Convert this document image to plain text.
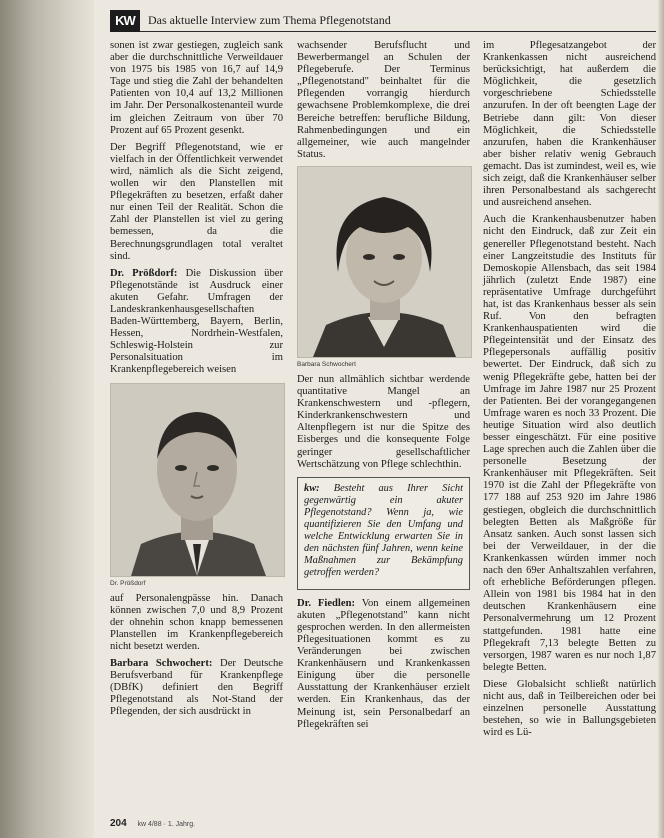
KW	Das aktuelle Interview zum Thema Pflegenotstand

sonen ist zwar gestiegen, zugleich sank aber die durchschnittliche Verweildauer von 1975 bis 1985 von 16,7 auf 14,9 Tage und stieg die Zahl der behandelten Patienten von 10,4 auf 13,2 Millionen im Jahr. Der Personalkostenanteil wurde im gleichen Zeitraum von über 70 Prozent auf 65 Prozent gesenkt.

Der Begriff Pflegenotstand, wie er vielfach in der Öffentlichkeit verwendet wird, nämlich als die Sicht zeigend, wollen wir den Planstellen mit Pflegekräften zu besetzen, erfaßt daher nur einen Teil der Realität. Schon die Zahl der Planstellen ist viel zu gering bemessen, da die Berechnungsgrundlagen total veraltet sind.

Dr. Prößdorf: Die Diskussion über Pflegenotstände ist Ausdruck einer akuten Gefahr. Umfragen der Landeskrankenhausgesellschaften Baden-Württemberg, Bayern, Berlin, Hessen, Nordrhein-Westfalen, Schleswig-Holstein zur Personalsituation im Krankenpflegebereich weisen

Dr. Prößdorf

auf Personalengpässe hin. Danach können zwischen 7,0 und 8,9 Prozent der ohnehin schon knapp bemessenen Planstellen im Krankenpflegebereich nicht besetzt werden.

Barbara Schwochert: Der Deutsche Berufsverband für Krankenpflege (DBfK) definiert den Begriff Pflegenotstand als Not-Stand der Pflegenden, der sich ausdrückt in

wachsender Berufsflucht und Bewerbermangel an Schulen der Pflegeberufe. Der Terminus „Pflegenotstand" beinhaltet für die Pflegenden vorrangig hierdurch gewachsene Problemkomplexe, die drei Bereiche betreffen: berufliche Bildung, Rahmenbedingungen und ein allgemeiner, wie auch mangelnder Status.

Barbara Schwochert

Der nun allmählich sichtbar werdende quantitative Mangel an Krankenschwestern und -pflegern, Kinderkrankenschwestern und Altenpflegern ist nur die Spitze des Eisberges und die konsequente Folge geringer gesellschaftlicher Wertschätzung von Pflege schlechthin.

kw: Besteht aus Ihrer Sicht gegenwärtig ein akuter Pflegenotstand? Wenn ja, wie quantifizieren Sie den Umfang und welche Entwicklung erwarten Sie in den nächsten fünf Jahren, wenn keine Maßnahmen zur Bekämpfung getroffen werden?

Dr. Fiedlen: Von einem allgemeinen akuten „Pflegenotstand" kann nicht gesprochen werden. In den allermeisten Pflegesituationen kommt es zu Veränderungen bei zwischen Krankenhäusern und Krankenkassen Einigung über die personelle Ausstattung der Krankenhäuser erzielt werden. Ein Krankenhaus, das der Meinung ist, sein Personalbedarf an Pflegekräften sei

im Pflegesatzangebot der Krankenkassen nicht ausreichend berücksichtigt, hat außerdem die Möglichkeit, die gesetzlich vorgeschriebene Schiedsstelle anzurufen. In der oft beengten Lage der Betriebe dann gilt: Von dieser Möglichkeit, die Schiedsstelle anzurufen, haben die Krankenhäuser aber bisher relativ wenig Gebrauch gemacht. Das ist zumindest, weil es, wie sich zeigt, daß die Krankenhäuser selber ihren Personalbestand als sachgerecht und ausreichend ansehen.

Auch die Krankenhausbenutzer haben nicht den Eindruck, daß zur Zeit ein genereller Pflegenotstand besteht. Nach einer Langzeitstudie des Instituts für Demoskopie Allensbach, das seit 1984 jährlich (zuletzt Ende 1987) eine repräsentative Umfrage durchgeführt hat, ist das Krankenhaus besser als sein Ruf. Von den befragten Krankenhauspatienten wird die Pflegeintensität und der Einsatz des Pflegepersonals auffällig positiv bewertet. Der Eindruck, daß sich zu wenig Pflegekräfte gebe, hatten bei der Umfrage im Jahre 1987 nur 25 Prozent der Patienten. Bei der vorangegangenen Umfrage waren es noch 33 Prozent. Die heutige Situation wird also deutlich besser eingeschätzt. Für eine positive Lage sprechen auch die Zahlen über die personelle Besetzung der Krankenhäuser mit Pflegekräften. Seit 1970 ist die Zahl der Pflegekräfte von 177 188 auf 253 920 im Jahre 1986 gestiegen, obgleich die durchschnittlich belegten Betten als Maßgröße für Ansatz sanken. Auch sonst lassen sich bei der Verweildauer, in der die Krankenkassen würden immer noch nach den 69er Anhaltszahlen verfahren, oft erhebliche Beförderungen pflegen. Allein von 1981 bis 1984 hat in den deutschen Krankenhäusern eine Personalvermehrung um 12 Prozent stattgefunden. 1981 hatte eine Pflegekraft 7,13 belegte Betten zu versorgen, 1987 waren es nur noch 1,87 belegte Betten.

Diese Globalsicht schließt natürlich nicht aus, daß in Teilbereichen oder bei einzelnen personelle Ausstattung bestehen, so wie in Ballungsgebieten wird es Lü-

204 kw 4/88 · 1. Jahrg.
